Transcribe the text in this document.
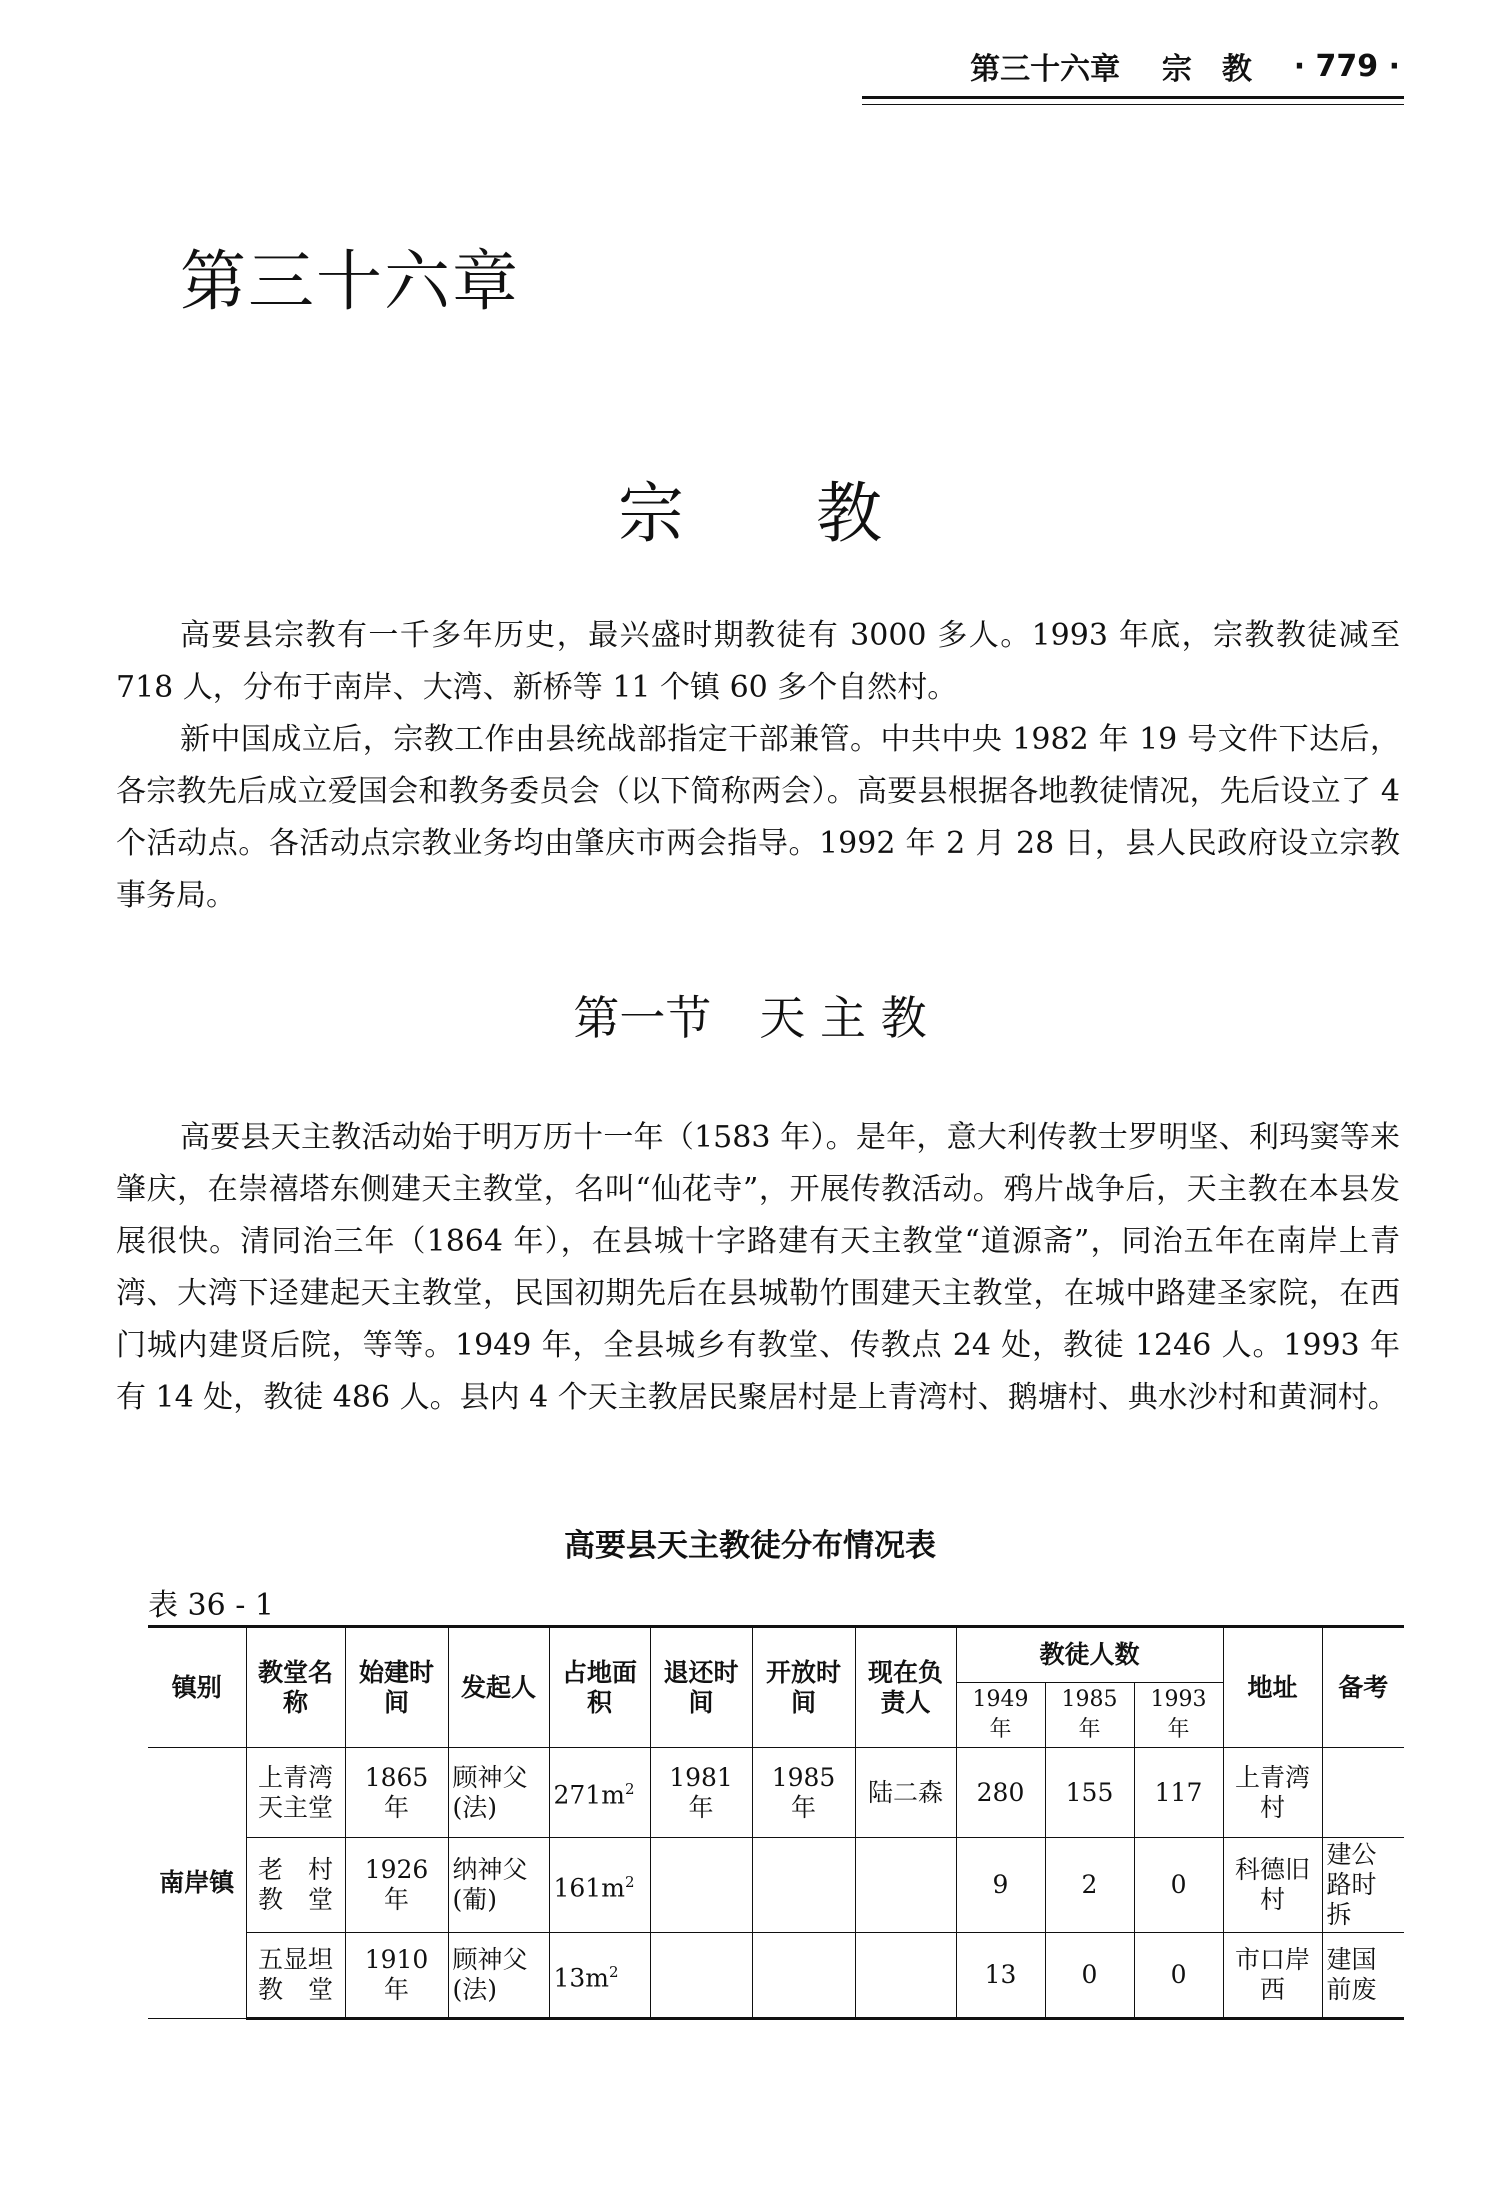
第三十六章
宗　教
· 779 ·
第三十六章
宗 教

高要县宗教有一千多年历史，最兴盛时期教徒有 3000 多人。1993 年底，宗教教徒减至 718 人，分布于南岸、大湾、新桥等 11 个镇 60 多个自然村。

新中国成立后，宗教工作由县统战部指定干部兼管。中共中央 1982 年 19 号文件下达后，各宗教先后成立爱国会和教务委员会（以下简称两会）。高要县根据各地教徒情况，先后设立了 4 个活动点。各活动点宗教业务均由肇庆市两会指导。1992 年 2 月 28 日，县人民政府设立宗教事务局。

第一节 天 主 教

高要县天主教活动始于明万历十一年（1583 年）。是年，意大利传教士罗明坚、利玛窦等来肇庆，在崇禧塔东侧建天主教堂，名叫“仙花寺”，开展传教活动。鸦片战争后，天主教在本县发展很快。清同治三年（1864 年），在县城十字路建有天主教堂“道源斋”，同治五年在南岸上青湾、大湾下迳建起天主教堂，民国初期先后在县城勒竹围建天主教堂，在城中路建圣家院，在西门城内建贤后院，等等。1949 年，全县城乡有教堂、传教点 24 处，教徒 1246 人。1993 年有 14 处，教徒 486 人。县内 4 个天主教居民聚居村是上青湾村、鹅塘村、典水沙村和黄洞村。

高要县天主教徒分布情况表
表 36 - 1
镇别	教堂名称	始建时间	发起人	占地面积	退还时间	开放时间	现在负责人	教徒人数			地址	备考
								1949 年	1985 年	1993 年		
南岸镇	上青湾天主堂	1865 年	顾神父(法)	$271m^2$	1981 年	1985 年	陆二森	280	155	117	上青湾村	
	老　村教　堂	1926 年	纳神父(葡)	$161m^2$				9	2	0	科德旧村	建公路时拆
	五显坦教　堂	1910 年	顾神父(法)	$13m^2$				13	0	0	市口岸西	建国前废
